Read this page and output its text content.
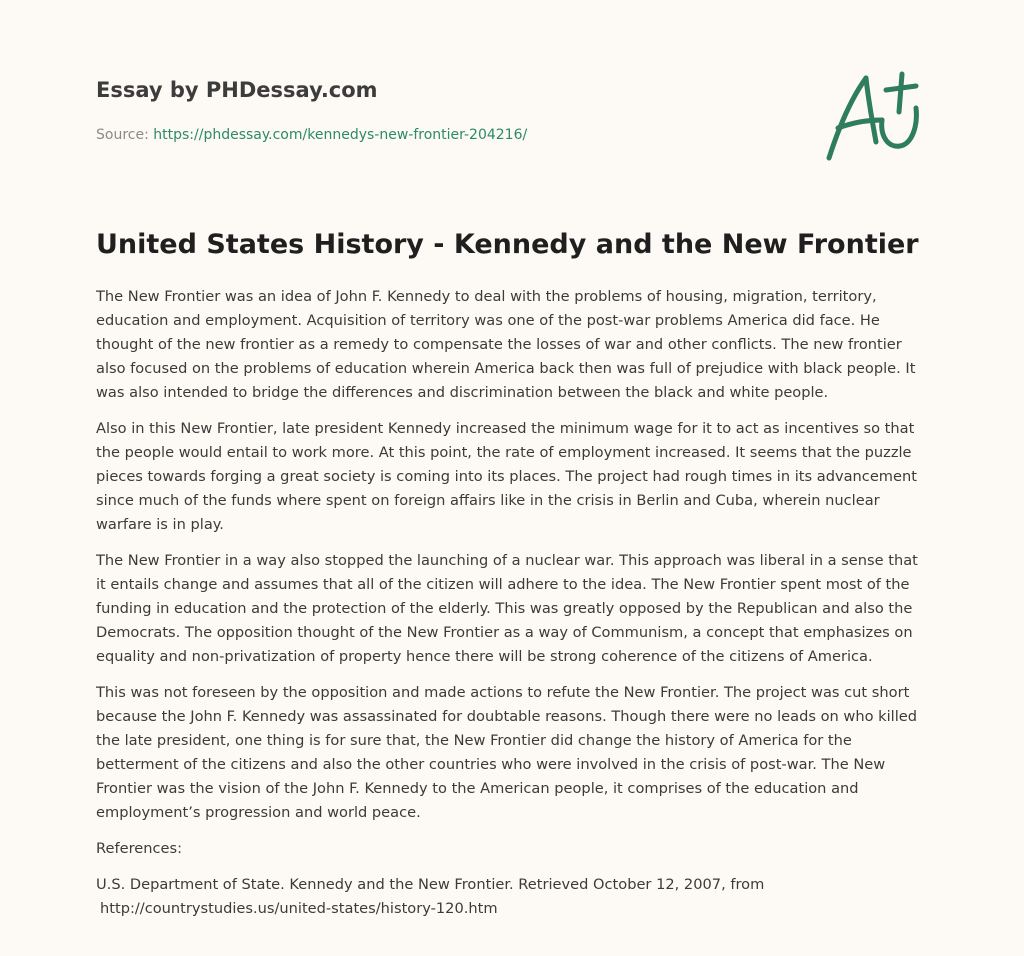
Essay by PHDessay.com
Source: https://phdessay.com/kennedys-new-frontier-204216/
United States History - Kennedy and the New Frontier

The New Frontier was an idea of John F. Kennedy to deal with the problems of housing, migration, territory, education and employment. Acquisition of territory was one of the post-war problems America did face. He thought of the new frontier as a remedy to compensate the losses of war and other conflicts. The new frontier also focused on the problems of education wherein America back then was full of prejudice with black people. It was also intended to bridge the differences and discrimination between the black and white people.

Also in this New Frontier, late president Kennedy increased the minimum wage for it to act as incentives so that the people would entail to work more. At this point, the rate of employment increased. It seems that the puzzle pieces towards forging a great society is coming into its places. The project had rough times in its advancement since much of the funds where spent on foreign affairs like in the crisis in Berlin and Cuba, wherein nuclear warfare is in play.

The New Frontier in a way also stopped the launching of a nuclear war. This approach was liberal in a sense that it entails change and assumes that all of the citizen will adhere to the idea. The New Frontier spent most of the funding in education and the protection of the elderly. This was greatly opposed by the Republican and also the Democrats. The opposition thought of the New Frontier as a way of Communism, a concept that emphasizes on equality and non-privatization of property hence there will be strong coherence of the citizens of America.

This was not foreseen by the opposition and made actions to refute the New Frontier. The project was cut short because the John F. Kennedy was assassinated for doubtable reasons. Though there were no leads on who killed the late president, one thing is for sure that, the New Frontier did change the history of America for the betterment of the citizens and also the other countries who were involved in the crisis of post-war. The New Frontier was the vision of the John F. Kennedy to the American people, it comprises of the education and employment’s progression and world peace.

References:

U.S. Department of State. Kennedy and the New Frontier. Retrieved October 12, 2007, from
http://countrystudies.us/united-states/history-120.htm
